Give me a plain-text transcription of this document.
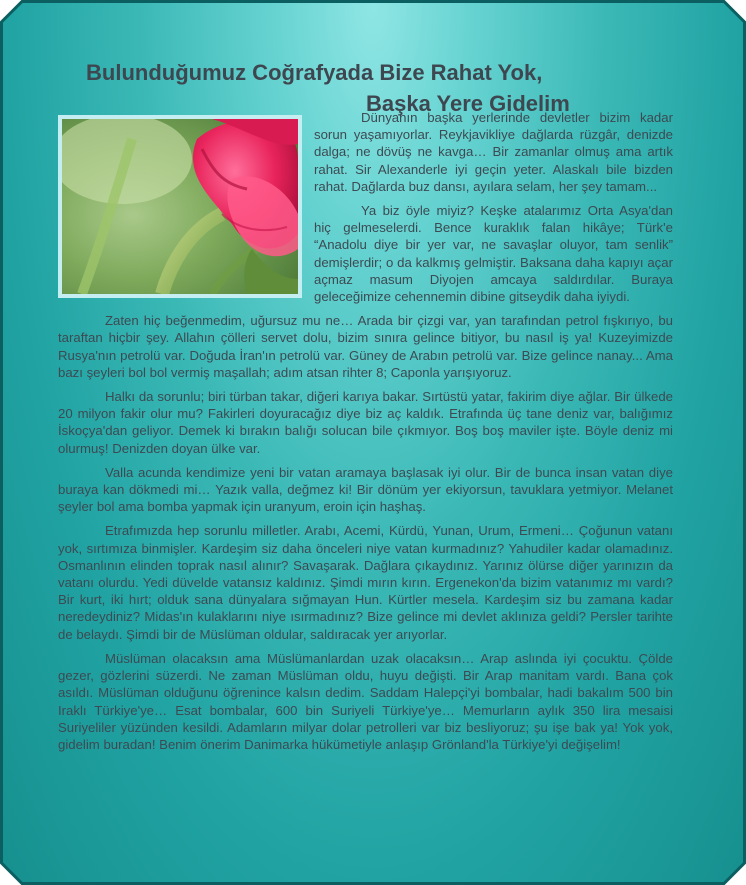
Bulunduğumuz Coğrafyada Bize Rahat Yok,
Başka Yere Gidelim

Dünyanın başka yerlerinde devletler bizim kadar sorun yaşamıyorlar. Reykjavikliye dağlarda rüzgâr, denizde dalga; ne dövüş ne kavga… Bir zamanlar olmuş ama artık rahat. Sir Alexanderle iyi geçin yeter. Alaskalı bile bizden rahat. Dağlarda buz dansı, ayılara selam, her şey tamam...

Ya biz öyle miyiz? Keşke atalarımız Orta Asya'dan hiç gelmeselerdi. Bence kuraklık falan hikâye; Türk'e “Anadolu diye bir yer var, ne savaşlar oluyor, tam senlik” demişlerdir; o da kalkmış gelmiştir. Baksana daha kapıyı açar açmaz masum Diyojen amcaya saldırdılar. Buraya geleceğimize cehennemin dibine gitseydik daha iyiydi.

Zaten hiç beğenmedim, uğursuz mu ne… Arada bir çizgi var, yan tarafından petrol fışkırıyo, bu taraftan hiçbir şey. Allahın çölleri servet dolu, bizim sınıra gelince bitiyor, bu nasıl iş ya! Kuzeyimizde Rusya'nın petrolü var. Doğuda İran'ın petrolü var. Güney de Arabın petrolü var. Bize gelince nanay... Ama bazı şeyleri bol bol vermiş maşallah; adım atsan rihter 8; Caponla yarışıyoruz.

Halkı da sorunlu; biri türban takar, diğeri karıya bakar. Sırtüstü yatar, fakirim diye ağlar. Bir ülkede 20 milyon fakir olur mu? Fakirleri doyuracağız diye biz aç kaldık. Etrafında üç tane deniz var, balığımız İskoçya'dan geliyor. Demek ki bırakın balığı solucan bile çıkmıyor. Boş boş maviler işte. Böyle deniz mi olurmuş! Denizden doyan ülke var.

Valla acunda kendimize yeni bir vatan aramaya başlasak iyi olur. Bir de bunca insan vatan diye buraya kan dökmedi mi… Yazık valla, değmez ki! Bir dönüm yer ekiyorsun, tavuklara yetmiyor. Melanet şeyler bol ama bomba yapmak için uranyum, eroin için haşhaş.

Etrafımızda hep sorunlu milletler. Arabı, Acemi, Kürdü, Yunan, Urum, Ermeni… Çoğunun vatanı yok, sırtımıza binmişler. Kardeşim siz daha önceleri niye vatan kurmadınız? Yahudiler kadar olamadınız. Osmanlının elinden toprak nasıl alınır? Savaşarak. Dağlara çıkaydınız. Yarınız ölürse diğer yarınızın da vatanı olurdu. Yedi düvelde vatansız kaldınız. Şimdi mırın kırın. Ergenekon'da bizim vatanımız mı vardı? Bir kurt, iki hırt; olduk sana dünyalara sığmayan Hun. Kürtler mesela. Kardeşim siz bu zamana kadar neredeydiniz? Midas'ın kulaklarını niye ısırmadınız? Bize gelince mi devlet aklınıza geldi? Persler tarihte de belaydı. Şimdi bir de Müslüman oldular, saldıracak yer arıyorlar.

Müslüman olacaksın ama Müslümanlardan uzak olacaksın… Arap aslında iyi çocuktu. Çölde gezer, gözlerini süzerdi. Ne zaman Müslüman oldu, huyu değişti. Bir Arap manitam vardı. Bana çok asıldı. Müslüman olduğunu öğrenince kalsın dedim. Saddam Halepçi'yi bombalar, hadi bakalım 500 bin Iraklı Türkiye'ye… Esat bombalar, 600 bin Suriyeli Türkiye'ye… Memurların aylık 350 lira mesaisi Suriyeliler yüzünden kesildi. Adamların milyar dolar petrolleri var biz besliyoruz; şu işe bak ya! Yok yok, gidelim buradan! Benim önerim Danimarka hükümetiyle anlaşıp Grönland'la Türkiye'yi değişelim!
